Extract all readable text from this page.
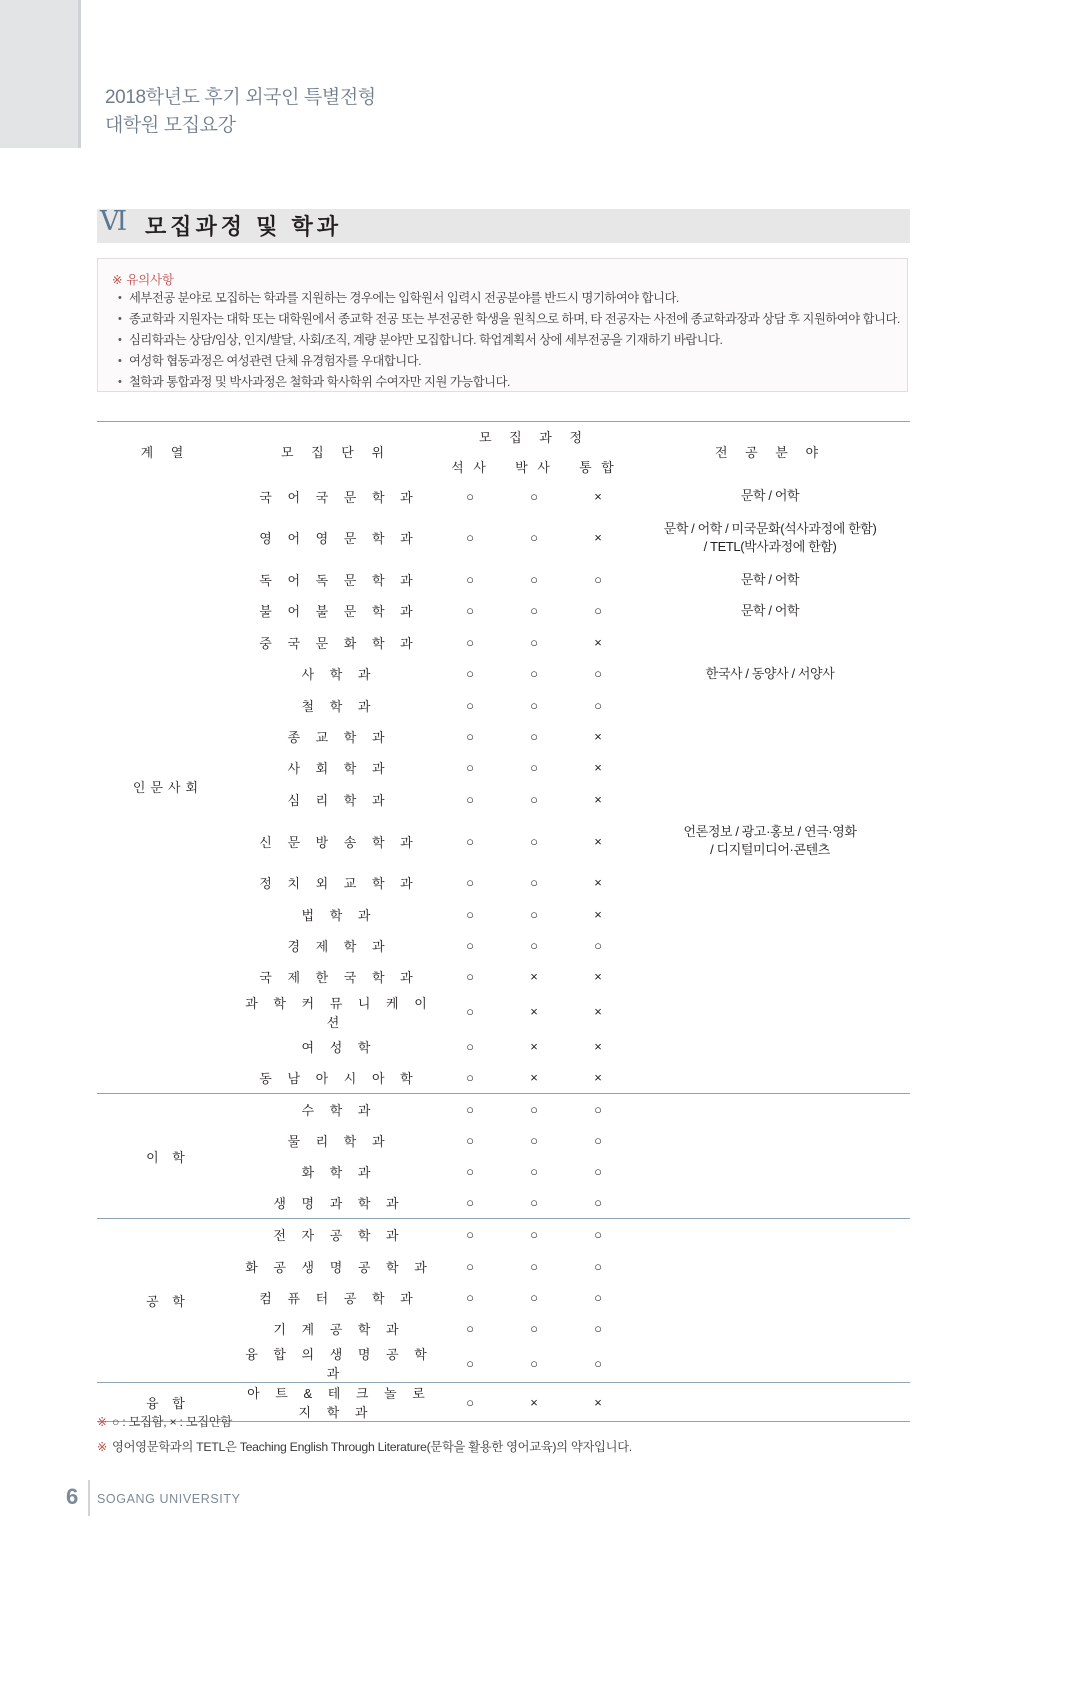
2018학년도 후기 외국인 특별전형
대학원 모집요강
Ⅵ 모집과정 및 학과
※ 유의사항
• 세부전공 분야로 모집하는 학과를 지원하는 경우에는 입학원서 입력시 전공분야를 반드시 명기하여야 합니다.
• 종교학과 지원자는 대학 또는 대학원에서 종교학 전공 또는 부전공한 학생을 원칙으로 하며, 타 전공자는 사전에 종교학과장과 상담 후 지원하여야 합니다.
• 심리학과는 상담/임상, 인지/발달, 사회/조직, 계량 분야만 모집합니다. 학업계획서 상에 세부전공을 기재하기 바랍니다.
• 여성학 협동과정은 여성관련 단체 유경험자를 우대합니다.
• 철학과 통합과정 및 박사과정은 철학과 학사학위 수여자만 지원 가능합니다.
계 열	모 집 단 위	모 집 과 정			전 공 분 야
		석 사	박 사	통 합	
인문사회	국 어 국 문 학 과	○	○	×	문학 / 어학
	영 어 영 문 학 과	○	○	×	문학 / 어학 / 미국문화(석사과정에 한함)
/ TETL(박사과정에 한함)
	독 어 독 문 학 과	○	○	○	문학 / 어학
	불 어 불 문 학 과	○	○	○	문학 / 어학
	중 국 문 화 학 과	○	○	×	
	사 학 과	○	○	○	한국사 / 동양사 / 서양사
	철 학 과	○	○	○	
	종 교 학 과	○	○	×	
	사 회 학 과	○	○	×	
	심 리 학 과	○	○	×	
	신 문 방 송 학 과	○	○	×	언론정보 / 광고·홍보 / 연극·영화
/ 디지털미디어·콘텐츠
	정 치 외 교 학 과	○	○	×	
	법 학 과	○	○	×	
	경 제 학 과	○	○	○	
	국 제 한 국 학 과	○	×	×	
	과 학 커 뮤 니 케 이 션	○	×	×	
	여 성 학	○	×	×	
	동 남 아 시 아 학	○	×	×	
이 학	수 학 과	○	○	○	
	물 리 학 과	○	○	○	
	화 학 과	○	○	○	
	생 명 과 학 과	○	○	○	
공 학	전 자 공 학 과	○	○	○	
	화 공 생 명 공 학 과	○	○	○	
	컴 퓨 터 공 학 과	○	○	○	
	기 계 공 학 과	○	○	○	
	융 합 의 생 명 공 학 과	○	○	○	
융 합	아 트 & 테 크 놀 로 지 학 과	○	×	×	

※ ○ : 모집함, × : 모집안함

※ 영어영문학과의 TETL은 Teaching English Through Literature(문학을 활용한 영어교육)의 약자입니다.

6 SOGANG UNIVERSITY
